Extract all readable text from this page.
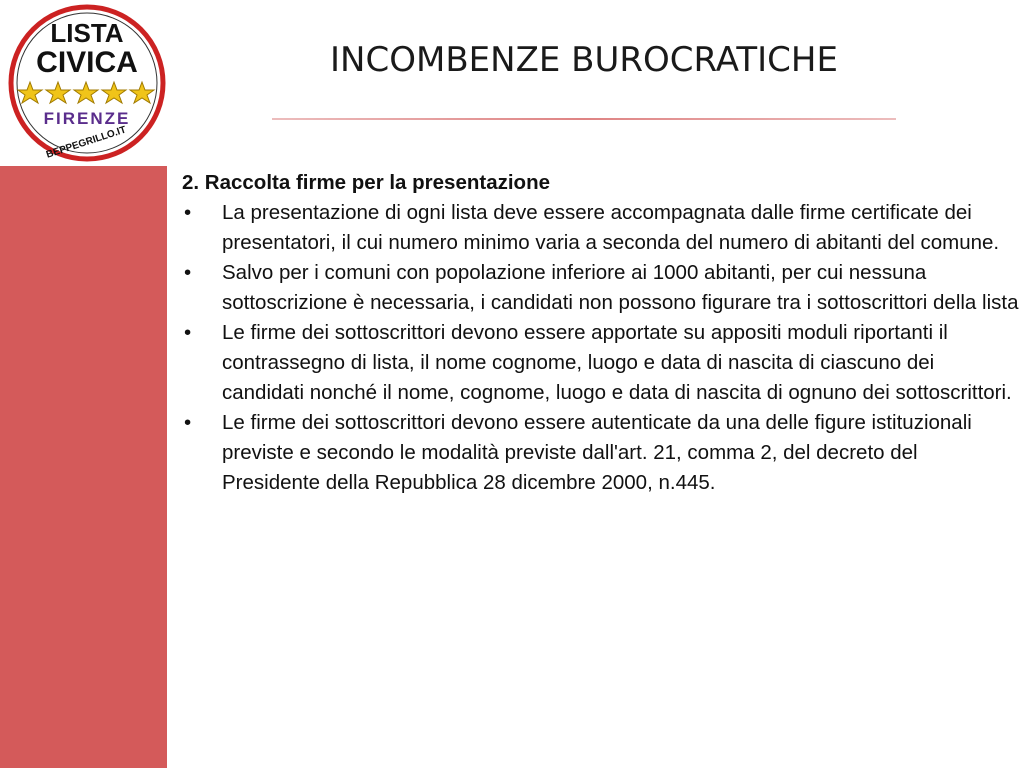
LISTA
CIVICA
FIRENZE
BEPPEGRILLO.IT
INCOMBENZE BUROCRATICHE

2. Raccolta firme per la presentazione

• La presentazione di ogni lista deve essere accompagnata dalle firme certificate dei presentatori, il cui numero minimo varia a seconda del numero di abitanti del comune.
• Salvo per i comuni con popolazione inferiore ai 1000 abitanti, per cui nessuna sottoscrizione è necessaria, i candidati non possono figurare tra i sottoscrittori della lista
• Le firme dei sottoscrittori devono essere apportate su appositi moduli riportanti il contrassegno di lista, il nome cognome, luogo e data di nascita di ciascuno dei candidati nonché il nome, cognome, luogo e data di nascita di ognuno dei sottoscrittori.
• Le firme dei sottoscrittori devono essere autenticate da una delle figure istituzionali previste e secondo le modalità previste dall'art. 21, comma 2, del decreto del Presidente della Repubblica 28 dicembre 2000, n.445.
